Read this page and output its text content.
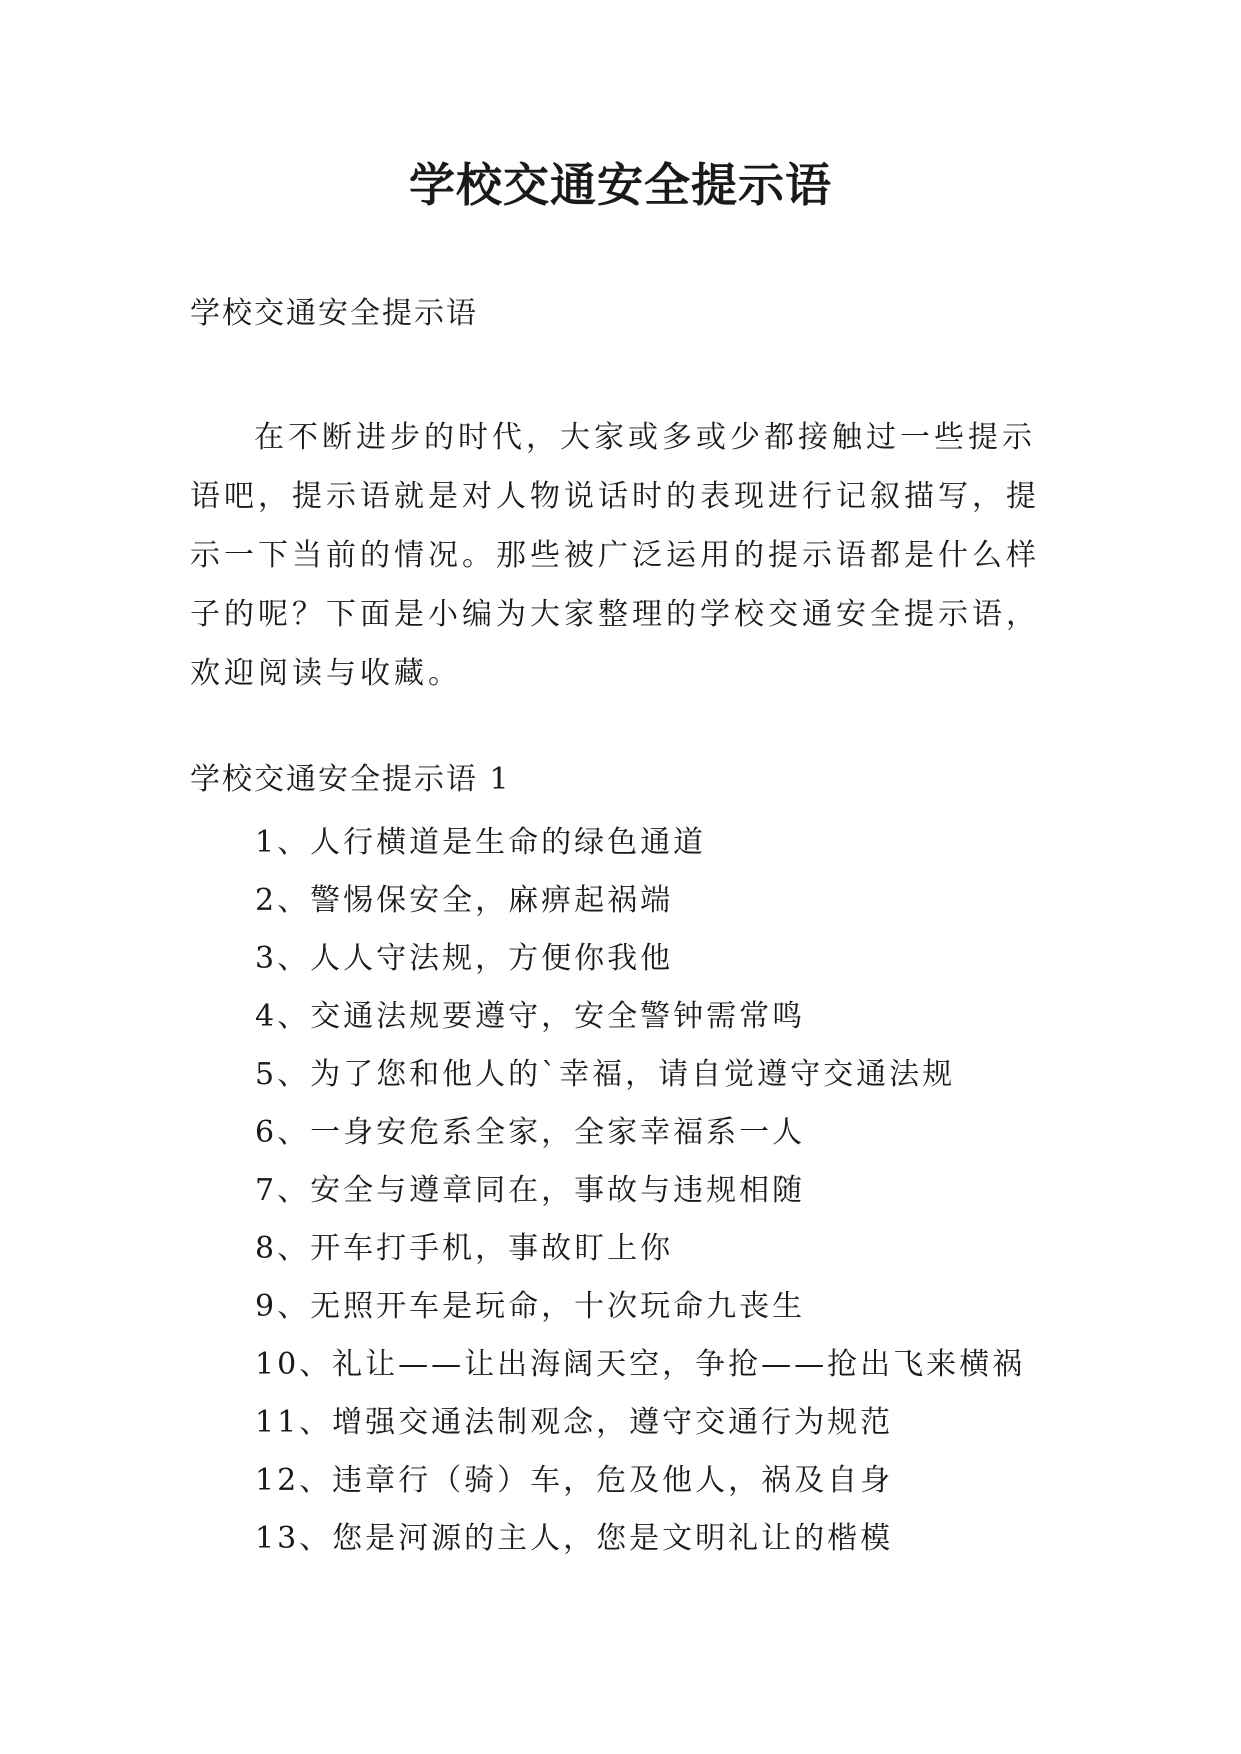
学校交通安全提示语
学校交通安全提示语

在不断进步的时代，大家或多或少都接触过一些提示语吧，提示语就是对人物说话时的表现进行记叙描写，提示一下当前的情况。那些被广泛运用的提示语都是什么样子的呢？下面是小编为大家整理的学校交通安全提示语，欢迎阅读与收藏。

学校交通安全提示语 1
1、人行横道是生命的绿色通道
2、警惕保安全，麻痹起祸端
3、人人守法规，方便你我他
4、交通法规要遵守，安全警钟需常鸣
5、为了您和他人的`幸福，请自觉遵守交通法规
6、一身安危系全家，全家幸福系一人
7、安全与遵章同在，事故与违规相随
8、开车打手机，事故盯上你
9、无照开车是玩命，十次玩命九丧生
10、礼让——让出海阔天空，争抢——抢出飞来横祸
11、增强交通法制观念，遵守交通行为规范
12、违章行（骑）车，危及他人，祸及自身
13、您是河源的主人，您是文明礼让的楷模
